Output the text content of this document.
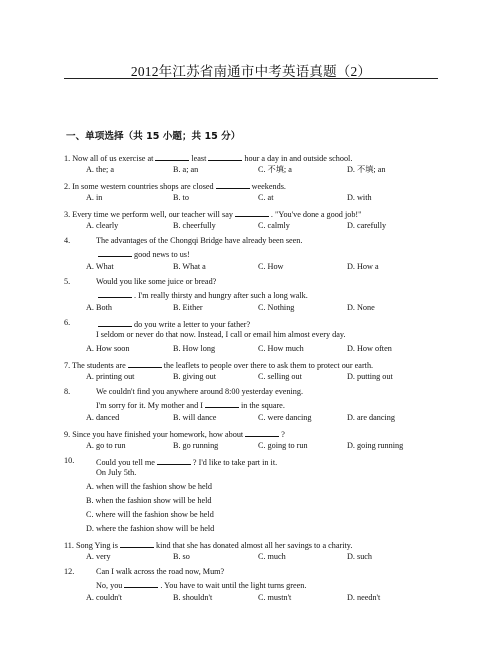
2012年江苏省南通市中考英语真题（2）
一、单项选择（共 15 小题；共 15 分）
1. Now all of us exercise at	least	hour a day in and outside school.
A. the; a	B. a; an	C. 不填; a	D. 不填; an
2. In some western countries shops are closed	weekends.
A. in	B. to	C. at	D. with
3. Every time we perform well, our teacher will say	. "You've done a good job!"
A. clearly	B. cheerfully	C. calmly	D. carefully
4.	The advantages of the Chongqi Bridge have already been seen.
good news to us!
A. What	B. What a	C. How	D. How a
5.	Would you like some juice or bread?
. I'm really thirsty and hungry after such a long walk.
A. Both	B. Either	C. Nothing	D. None
6.	do you write a letter to your father?
I seldom or never do that now. Instead, I call or email him almost every day.
A. How soon	B. How long	C. How much	D. How often
7. The students are	the leaflets to people over there to ask them to protect our earth.
A. printing out	B. giving out	C. selling out	D. putting out
8.	We couldn't find you anywhere around 8:00 yesterday evening.
I'm sorry for it. My mother and I	in the square.
A. danced	B. will dance	C. were dancing	D. are dancing
9. Since you have finished your homework, how about	?
A. go to run	B. go running	C. going to run	D. going running
10.	Could you tell me	? I'd like to take part in it.
On July 5th.
A. when will the fashion show be held
B. when the fashion show will be held
C. where will the fashion show be held
D. where the fashion show will be held
11. Song Ying is	kind that she has donated almost all her savings to a charity.
A. very	B. so	C. much	D. such
12.	Can I walk across the road now, Mum?
No, you	. You have to wait until the light turns green.
A. couldn't	B. shouldn't	C. mustn't	D. needn't
